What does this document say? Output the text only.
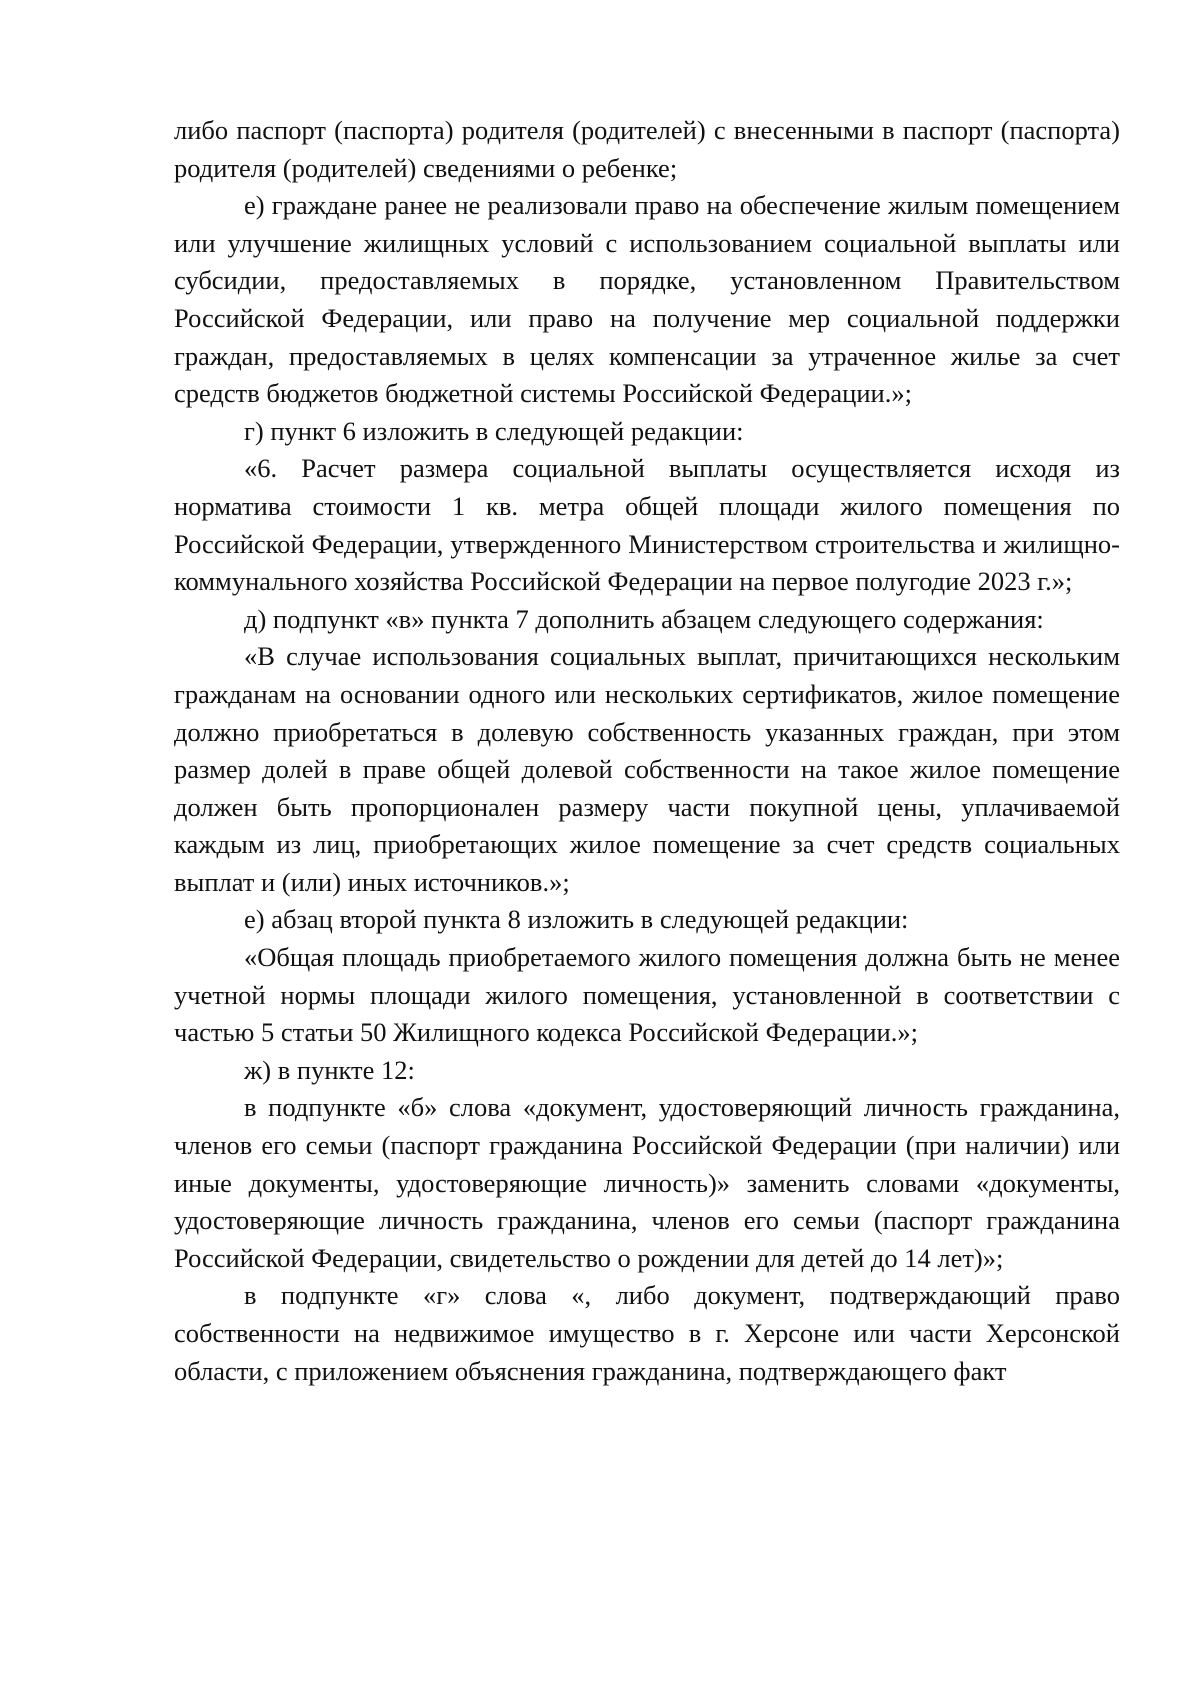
либо паспорт (паспорта) родителя (родителей) с внесенными в паспорт (паспорта) родителя (родителей) сведениями о ребенке;

е) граждане ранее не реализовали право на обеспечение жилым помещением или улучшение жилищных условий с использованием социальной выплаты или субсидии, предоставляемых в порядке, установленном Правительством Российской Федерации, или право на получение мер социальной поддержки граждан, предоставляемых в целях компенсации за утраченное жилье за счет средств бюджетов бюджетной системы Российской Федерации.»;

г) пункт 6 изложить в следующей редакции:

«6. Расчет размера социальной выплаты осуществляется исходя из норматива стоимости 1 кв. метра общей площади жилого помещения по Российской Федерации, утвержденного Министерством строительства и жилищно-коммунального хозяйства Российской Федерации на первое полугодие 2023 г.»;

д) подпункт «в» пункта 7 дополнить абзацем следующего содержания:

«В случае использования социальных выплат, причитающихся нескольким гражданам на основании одного или нескольких сертификатов, жилое помещение должно приобретаться в долевую собственность указанных граждан, при этом размер долей в праве общей долевой собственности на такое жилое помещение должен быть пропорционален размеру части покупной цены, уплачиваемой каждым из лиц, приобретающих жилое помещение за счет средств социальных выплат и (или) иных источников.»;

е) абзац второй пункта 8 изложить в следующей редакции:

«Общая площадь приобретаемого жилого помещения должна быть не менее учетной нормы площади жилого помещения, установленной в соответствии с частью 5 статьи 50 Жилищного кодекса Российской Федерации.»;

ж) в пункте 12:

в подпункте «б» слова «документ, удостоверяющий личность гражданина, членов его семьи (паспорт гражданина Российской Федерации (при наличии) или иные документы, удостоверяющие личность)» заменить словами «документы, удостоверяющие личность гражданина, членов его семьи (паспорт гражданина Российской Федерации, свидетельство о рождении для детей до 14 лет)»;

в подпункте «г» слова «, либо документ, подтверждающий право собственности на недвижимое имущество в г. Херсоне или части Херсонской области, с приложением объяснения гражданина, подтверждающего факт
